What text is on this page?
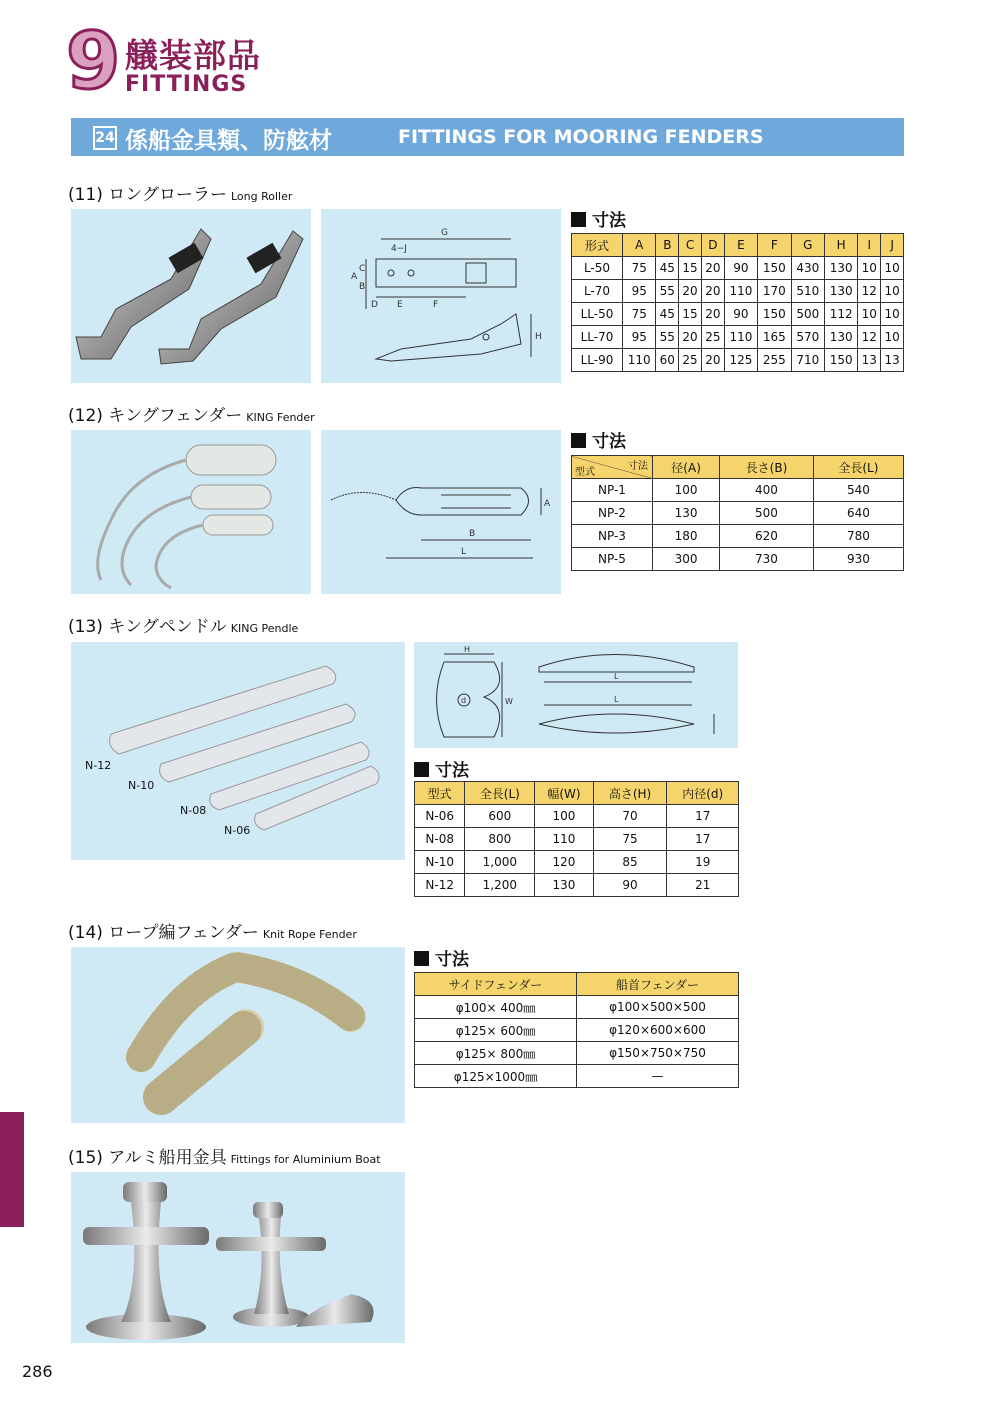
9 艤装部品
FITTINGS
24 係船金具類、防舷材	FITTINGS FOR MOORING FENDERS
(11) ロングローラー Long Roller
G
4−J
C
A
B
D E	F
H
寸法
形式	A	B	C	D	E	F	G	H	I	J
L-50	75	45	15	20	90	150	430	130	10	10
L-70	95	55	20	20	110	170	510	130	12	10
LL-50	75	45	15	20	90	150	500	112	10	10
LL-70	95	55	20	25	110	165	570	130	12	10
LL-90	110	60	25	20	125	255	710	150	13	13
(12) キングフェンダー KING Fender
A
B
L
寸法
寸法
型式	径(A)	長さ(B)	全長(L)
NP-1	100	400	540
NP-2	130	500	640
NP-3	180	620	780
NP-5	300	730	930
(13) キングペンドル KING Pendle
N-12
N-10
N-08
N-06
d
H
W
L
L
寸法
型式	全長(L)	幅(W)	高さ(H)	内径(d)
N-06	600	100	70	17
N-08	800	110	75	17
N-10	1,000	120	85	19
N-12	1,200	130	90	21
(14) ロープ編フェンダー Knit Rope Fender
寸法
サイドフェンダー	船首フェンダー
φ100× 400㎜	φ100×500×500
φ125× 600㎜	φ120×600×600
φ125× 800㎜	φ150×750×750
φ125×1000㎜	—
(15) アルミ船用金具 Fittings for Aluminium Boat
286
